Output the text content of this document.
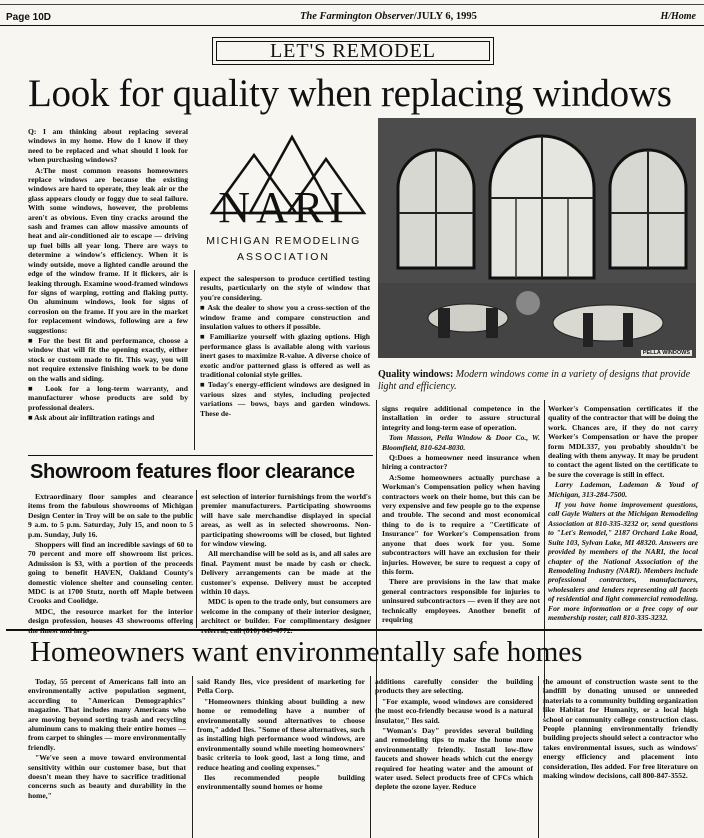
Page 10D	The Farmington Observer/JULY 6, 1995	H/Home
LET'S REMODEL
Look for quality when replacing windows
NARI
MICHIGAN REMODELING
ASSOCIATION
PELLA WINDOWS
Quality windows: Modern windows come in a variety of designs that provide light and efficiency.

Q: I am thinking about replacing several windows in my home. How do I know if they need to be replaced and what should I look for when purchasing windows?

A:The most common reasons homeowners replace windows are because the existing windows are hard to operate, they leak air or the glass appears cloudy or foggy due to seal failure. With some windows, however, the problems aren't as obvious. Even tiny cracks around the sash and frames can allow massive amounts of heat and air-conditioned air to escape — driving up fuel bills all year long. There are ways to determine a window's efficiency. When it is windy outside, move a lighted candle around the edge of the window frame. If it flickers, air is leaking through. Examine wood-framed windows for signs of warping, rotting and flaking putty. On aluminum windows, look for signs of corrosion on the frame. If you are in the market for replacement windows, following are a few suggestions:

■ For the best fit and performance, choose a window that will fit the opening exactly, either stock or custom made to fit. This way, you will not require extensive finishing work to be done on the walls and siding.

■ Look for a long-term warranty, and manufacturer whose products are sold by professional dealers.

■ Ask about air infiltration ratings and

expect the salesperson to produce certified testing results, particularly on the style of window that you're considering.

■ Ask the dealer to show you a cross-section of the window frame and compare construction and insulation values to others if possible.

■ Familiarize yourself with glazing options. High performance glass is available along with various inert gases to maximize R-value. A diverse choice of exotic and/or patterned glass is offered as well as traditional colonial style grilles.

■ Today's energy-efficient windows are designed in various sizes and styles, including projected variations — bows, bays and garden windows. These de-

signs require additional competence in the installation in order to assure structural integrity and long-term ease of operation.

Tom Masson, Pella Window & Door Co., W. Bloomfield, 810-624-8030.

Q:Does a homeowner need insurance when hiring a contractor?

A:Some homeowners actually purchase a Workman's Compensation policy when having contractors work on their home, but this can be very expensive and few people go to the expense and trouble. The second and most economical thing to do is to require a "Certificate of Insurance" for Worker's Compensation from anyone that does work for you. Some subcontractors will have an exclusion for their injuries. However, be sure to request a copy of this form.

There are provisions in the law that make general contractors responsible for injuries to uninsured subcontractors — even if they are not technically employees. Another benefit of requiring

Worker's Compensation certificates if the quality of the contractor that will be doing the work. Chances are, if they do not carry Worker's Compensation or have the proper form MDL337, you probably shouldn't be dealing with them anyway. It may be prudent to contact the agent listed on the certificate to be sure the coverage is still in effect.

Larry Lademan, Lademan & Youd of Michigan, 313-284-7500.

If you have home improvement questions, call Gayle Walters at the Michigan Remodeling Association at 810-335-3232 or, send questions to "Let's Remodel," 2187 Orchard Lake Road, Suite 103, Sylvan Lake, MI 48320. Answers are provided by members of the NARI, the local chapter of the National Association of the Remodeling Industry (NARI). Members include professional contractors, manufacturers, wholesalers and lenders representing all facets of residential and light commercial remodeling. For more information or a free copy of our membership roster, call 810-335-3232.

Showroom features floor clearance

Extraordinary floor samples and clearance items from the fabulous showrooms of Michigan Design Center in Troy will be on sale to the public 9 a.m. to 5 p.m. Saturday, July 15, and noon to 5 p.m. Sunday, July 16.

Shoppers will find an incredible savings of 60 to 70 percent and more off showroom list prices. Admission is $3, with a portion of the proceeds going to benefit HAVEN, Oakland County's domestic violence shelter and counseling center. MDC is at 1700 Stutz, north off Maple between Crooks and Coolidge.

MDC, the resource market for the interior design profession, houses 43 showrooms offering the finest and larg-

est selection of interior furnishings from the world's premier manufacturers. Participating showrooms will have sale merchandise displayed in special areas, as well as in selected showrooms. Non-participating showrooms will be closed, but lighted for window viewing.

All merchandise will be sold as is, and all sales are final. Payment must be made by cash or check. Delivery arrangements can be made at the customer's expense. Delivery must be accepted within 10 days.

MDC is open to the trade only, but consumers are welcome in the company of their interior designer, architect or builder. For complimentary designer referral, call (810) 649-4772.

Homeowners want environmentally safe homes

Today, 55 percent of Americans fall into an environmentally active population segment, according to "American Demographics" magazine. That includes many Americans who are moving beyond sorting trash and recycling aluminum cans to making their entire homes — from carpet to shingles — more environmentally friendly.

"We've seen a move toward environmental sensitivity within our customer base, but that doesn't mean they have to sacrifice traditional concerns such as beauty and durability in the home,"

said Randy Iles, vice president of marketing for Pella Corp.

"Homeowners thinking about building a new home or remodeling have a number of environmentally sound alternatives to choose from," added Iles. "Some of these alternatives, such as installing high performance wood windows, are environmentally sound while meeting homeowners' basic criteria to look good, last a long time, and reduce heating and cooling expenses."

Iles recommended people building environmentally sound homes or home

additions carefully consider the building products they are selecting.

"For example, wood windows are considered the most eco-friendly because wood is a natural insulator," Iles said.

"Woman's Day" provides several building and remodeling tips to make the home more environmentally friendly. Install low-flow faucets and shower heads which cut the energy required for heating water and the amount of water used. Select products free of CFCs which deplete the ozone layer. Reduce

the amount of construction waste sent to the landfill by donating unused or unneeded materials to a community building organization like Habitat for Humanity, or a local high school or community college construction class. People planning environmentally friendly building projects should select a contractor who takes environmental issues, such as windows' energy efficiency and placement into consideration, Iles added. For free literature on making window decisions, call 800-847-3552.
